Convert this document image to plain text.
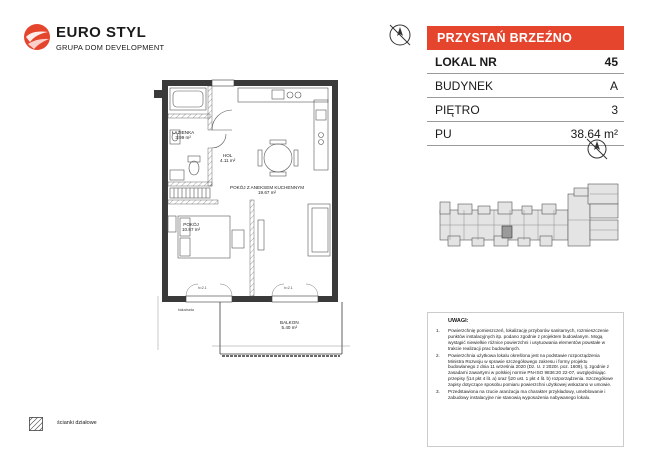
EURO STYL
GRUPA DOM DEVELOPMENT
PRZYSTAŃ BRZEŹNO
LOKAL NR	45
BUDYNEK	A
PIĘTRO	3
PU	38.64 m²
UWAGI:
1. Powierzchnię pomieszczeń, lokalizację przyborów sanitarnych, rozmieszczenie punktów instalacyjnych itp. podano zgodnie z projektem budowlanym. Mogą wystąpić niewielkie różnice powierzchni i usytuowania elementów powstałe w trakcie realizacji prac budowlanych.
2. Powierzchnia użytkowa lokalu określona jest na podstawie rozporządzenia Ministra Rozwoju w sprawie szczegółowego zakresu i formy projektu budowlanego z dnia 11 września 2020 (Dz. U. z 2020r. poz. 1609), tj. zgodnie z zasadami zawartymi w polskiej normie PN-ISO 9836:20 22-07, uwzględniając przepisy §14 pkt 4 lit. a) oraz §20 ust. 1 pkt 4 lit. b) rozporządzenia. Szczegółowe zapisy dotyczące sposobu pomiaru powierzchni użytkowej wskazano w umowie.
3. Przedstawiona na rzucie aranżacja ma charakter przykładowy, umeblowanie i zabudowy instalacyjne nie stanowią wyposażenia nabywanego lokalu.
ŁAZIENKA
3.99 m²
HOL
4.11 m²
POKÓJ Z ANEKSEM KUCHENNYM
19.67 m²
POKÓJ
10.87 m²
BALKON
5.40 m²
balustrada
h=2.1	h=2.1
ścianki działowe
